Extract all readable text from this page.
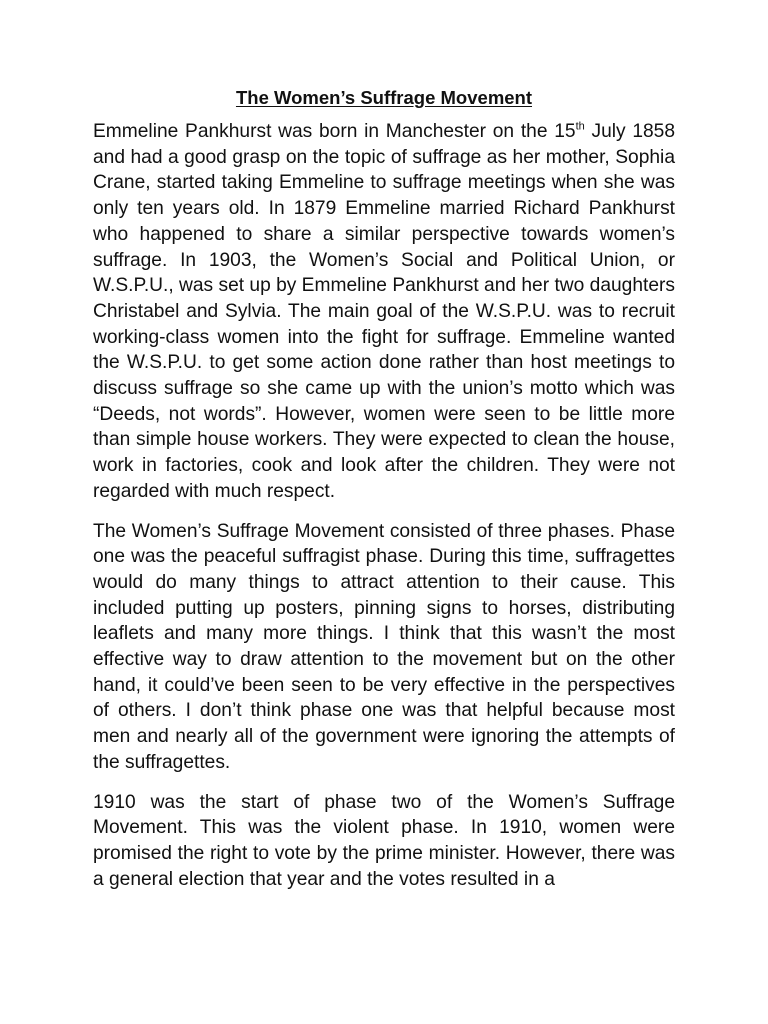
The Women’s Suffrage Movement

Emmeline Pankhurst was born in Manchester on the 15th July 1858 and had a good grasp on the topic of suffrage as her mother, Sophia Crane, started taking Emmeline to suffrage meetings when she was only ten years old. In 1879 Emmeline married Richard Pankhurst who happened to share a similar perspective towards women’s suffrage. In 1903, the Women’s Social and Political Union, or W.S.P.U., was set up by Emmeline Pankhurst and her two daughters Christabel and Sylvia. The main goal of the W.S.P.U. was to recruit working-class women into the fight for suffrage. Emmeline wanted the W.S.P.U. to get some action done rather than host meetings to discuss suffrage so she came up with the union’s motto which was “Deeds, not words”. However, women were seen to be little more than simple house workers. They were expected to clean the house, work in factories, cook and look after the children. They were not regarded with much respect.

The Women’s Suffrage Movement consisted of three phases. Phase one was the peaceful suffragist phase. During this time, suffragettes would do many things to attract attention to their cause. This included putting up posters, pinning signs to horses, distributing leaflets and many more things. I think that this wasn’t the most effective way to draw attention to the movement but on the other hand, it could’ve been seen to be very effective in the perspectives of others. I don’t think phase one was that helpful because most men and nearly all of the government were ignoring the attempts of the suffragettes.

1910 was the start of phase two of the Women’s Suffrage Movement. This was the violent phase. In 1910, women were promised the right to vote by the prime minister. However, there was a general election that year and the votes resulted in a
